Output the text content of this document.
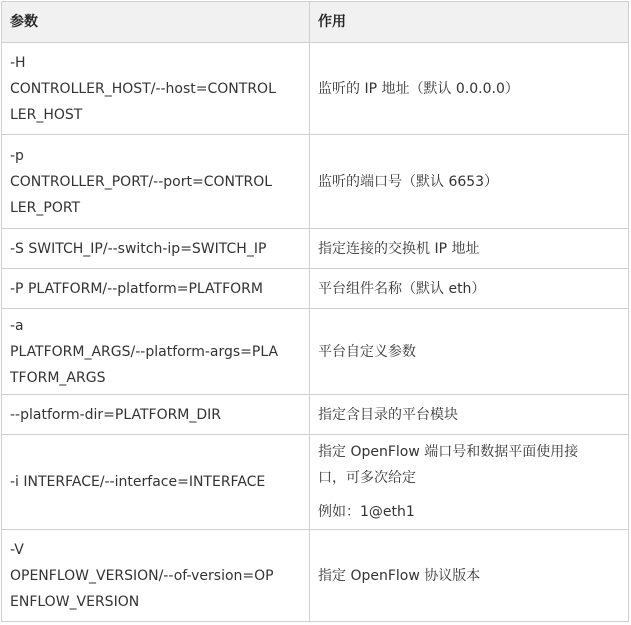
参数	作用

-H
CONTROLLER_HOST/--host=CONTROL
LER_HOST	监听的 IP 地址（默认 0.0.0.0）

-p
CONTROLLER_PORT/--port=CONTROL
LER_PORT	监听的端口号（默认 6653）

-S SWITCH_IP/--switch-ip=SWITCH_IP	指定连接的交换机 IP 地址

-P PLATFORM/--platform=PLATFORM	平台组件名称（默认 eth）

-a
PLATFORM_ARGS/--platform-args=PLA
TFORM_ARGS	平台自定义参数

--platform-dir=PLATFORM_DIR	指定含目录的平台模块

-i INTERFACE/--interface=INTERFACE	指定 OpenFlow 端口号和数据平面使用接
口，可多次给定
例如：1@eth1

-V
OPENFLOW_VERSION/--of-version=OP
ENFLOW_VERSION	指定 OpenFlow 协议版本
